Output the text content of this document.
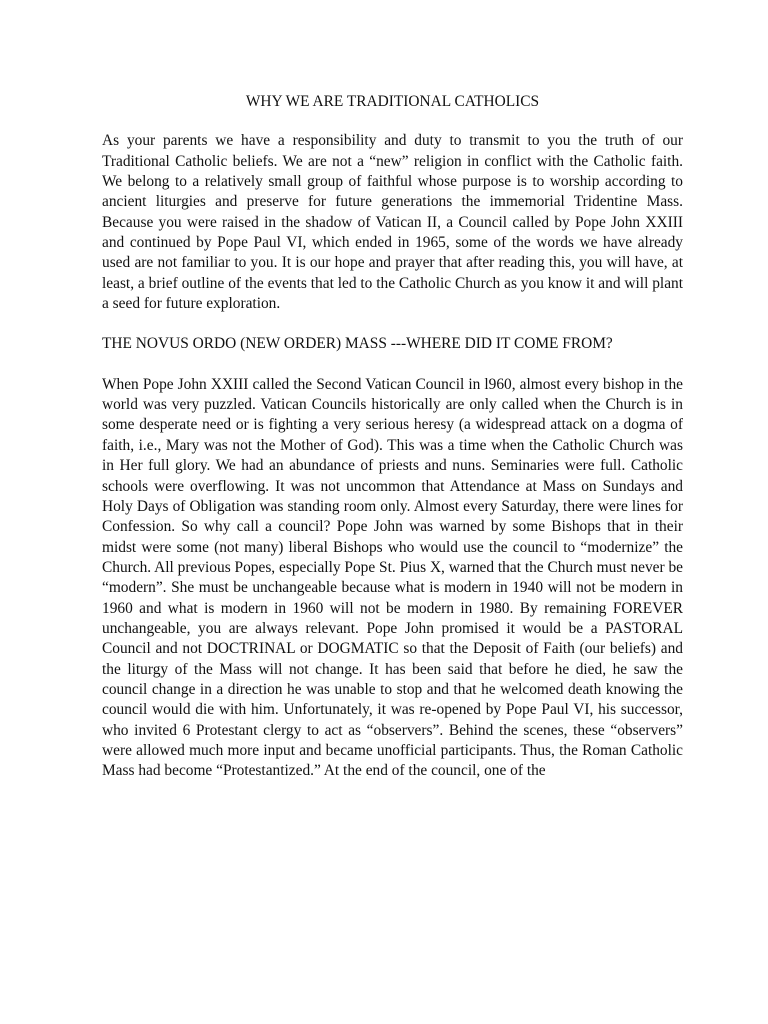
WHY WE ARE TRADITIONAL CATHOLICS

As your parents we have a responsibility and duty to transmit to you the truth of our Traditional Catholic beliefs. We are not a “new” religion in conflict with the Catholic faith. We belong to a relatively small group of faithful whose purpose is to worship according to ancient liturgies and preserve for future generations the immemorial Tridentine Mass. Because you were raised in the shadow of Vatican II, a Council called by Pope John XXIII and continued by Pope Paul VI, which ended in 1965, some of the words we have already used are not familiar to you. It is our hope and prayer that after reading this, you will have, at least, a brief outline of the events that led to the Catholic Church as you know it and will plant a seed for future exploration.

THE NOVUS ORDO (NEW ORDER) MASS ---WHERE DID IT COME FROM?

When Pope John XXIII called the Second Vatican Council in l960, almost every bishop in the world was very puzzled. Vatican Councils historically are only called when the Church is in some desperate need or is fighting a very serious heresy (a widespread attack on a dogma of faith, i.e., Mary was not the Mother of God). This was a time when the Catholic Church was in Her full glory. We had an abundance of priests and nuns. Seminaries were full. Catholic schools were overflowing. It was not uncommon that Attendance at Mass on Sundays and Holy Days of Obligation was standing room only. Almost every Saturday, there were lines for Confession. So why call a council? Pope John was warned by some Bishops that in their midst were some (not many) liberal Bishops who would use the council to “modernize” the Church. All previous Popes, especially Pope St. Pius X, warned that the Church must never be “modern”. She must be unchangeable because what is modern in 1940 will not be modern in 1960 and what is modern in 1960 will not be modern in 1980. By remaining FOREVER unchangeable, you are always relevant. Pope John promised it would be a PASTORAL Council and not DOCTRINAL or DOGMATIC so that the Deposit of Faith (our beliefs) and the liturgy of the Mass will not change. It has been said that before he died, he saw the council change in a direction he was unable to stop and that he welcomed death knowing the council would die with him. Unfortunately, it was re-opened by Pope Paul VI, his successor, who invited 6 Protestant clergy to act as “observers”. Behind the scenes, these “observers” were allowed much more input and became unofficial participants. Thus, the Roman Catholic Mass had become “Protestantized.” At the end of the council, one of the
